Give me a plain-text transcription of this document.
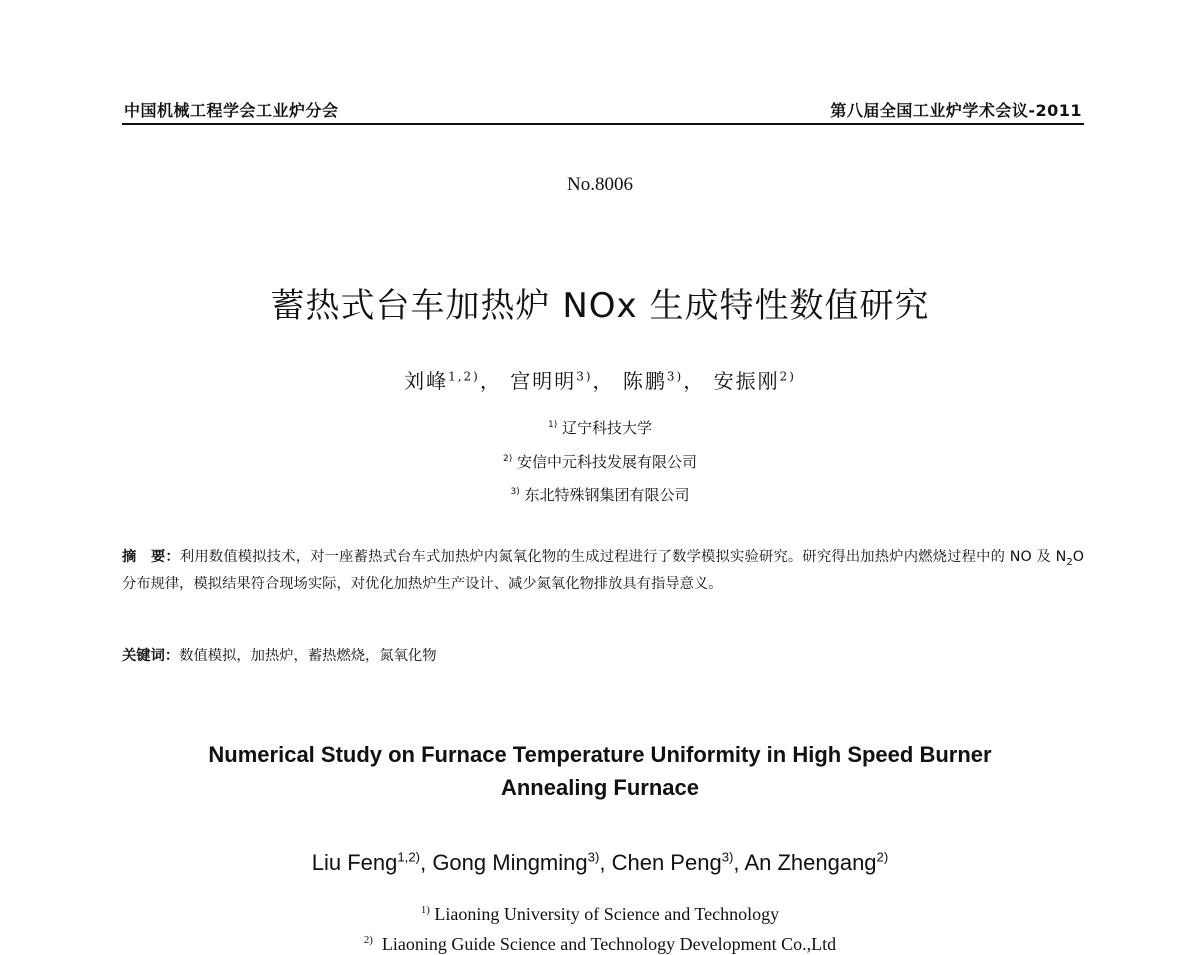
中国机械工程学会工业炉分会	第八届全国工业炉学术会议-2011
No.8006
蓄热式台车加热炉 NOx 生成特性数值研究
刘峰$^{1,2)}$， 宫明明$^{3)}$， 陈鹏$^{3)}$， 安振刚$^{2)}$
$^{1)}$ 辽宁科技大学
$^{2)}$ 安信中元科技发展有限公司
$^{3)}$ 东北特殊钢集团有限公司
摘　要：利用数值模拟技术，对一座蓄热式台车式加热炉内氮氧化物的生成过程进行了数学模拟实验研究。研究得出加热炉内燃烧过程中的 NO 及 $N_2O$ 分布规律，模拟结果符合现场实际，对优化加热炉生产设计、减少氮氧化物排放具有指导意义。
关键词：数值模拟，加热炉，蓄热燃烧，氮氧化物
Numerical Study on Furnace Temperature Uniformity in High Speed Burner
Annealing Furnace
Liu Feng$^{1,2)}$, Gong Mingming$^{3)}$, Chen Peng$^{3)}$, An Zhengang$^{2)}$
$^{1)}$ Liaoning University of Science and Technology
$^{2)}$ Liaoning Guide Science and Technology Development Co.,Ltd
